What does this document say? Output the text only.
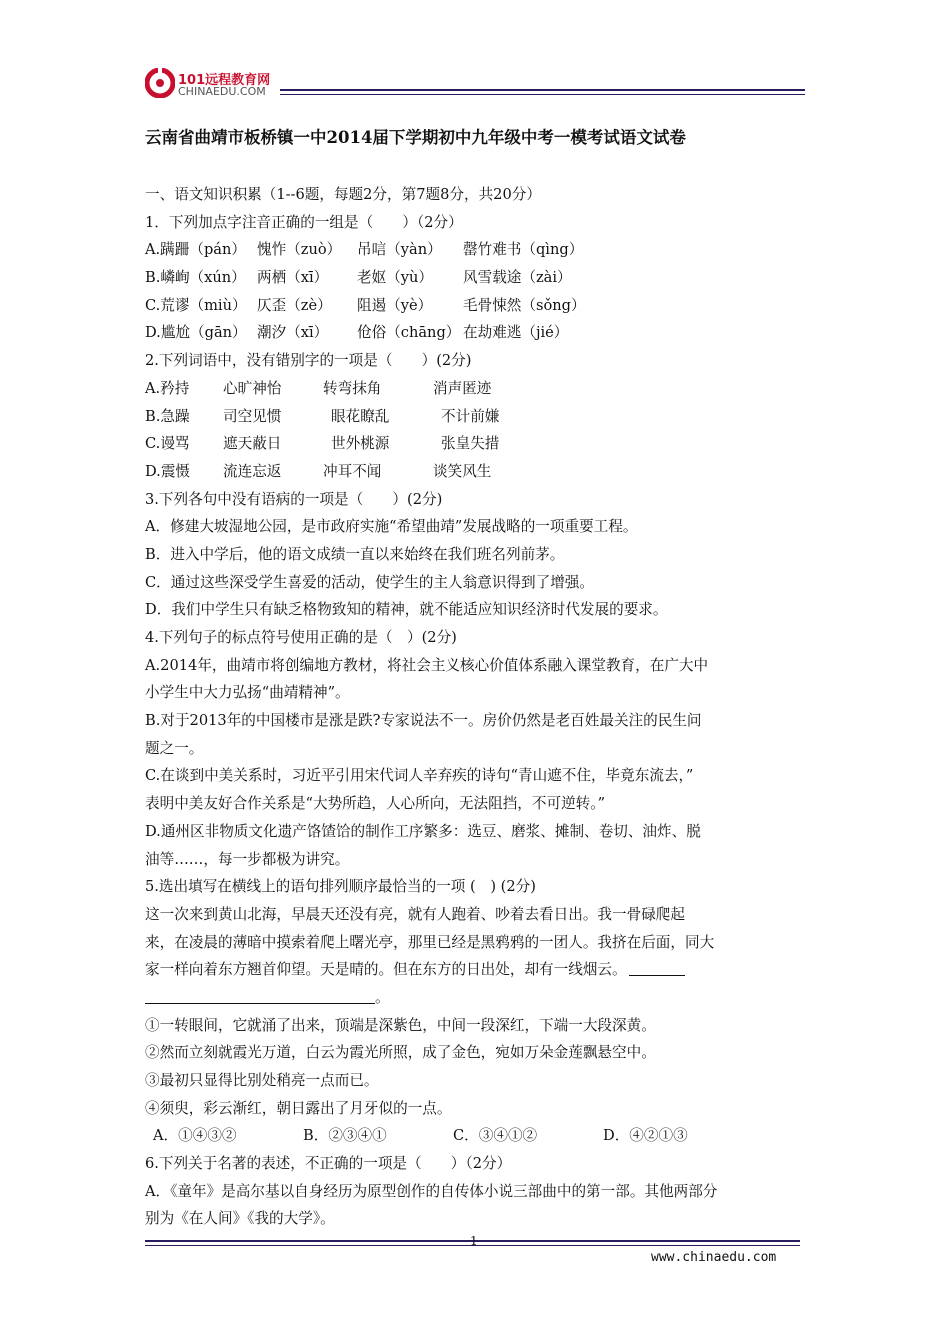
101远程教育网
CHINAEDU.COM
云南省曲靖市板桥镇一中2014届下学期初中九年级中考一模考试语文试卷
一、语文知识积累（1--6题，每题2分，第7题8分，共20分）
1．下列加点字注音正确的一组是（　　）（2分）
A.蹒跚（pán） 愧怍（zuò） 吊唁（yàn） 罄竹难书（qìng）
B.嶙峋（xún） 两栖（xī） 老妪（yù） 风雪载途（zài）
C.荒谬（miù） 仄歪（zè） 阻遏（yè） 毛骨悚然（sǒng）
D.尴尬（gān） 潮汐（xī） 伧俗（chāng） 在劫难逃（jié）
2.下列词语中，没有错别字的一项是（　　）(2分)
A.矜持 心旷神怡	转弯抹角	消声匿迹
B.急躁 司空见惯	眼花瞭乱	不计前嫌
C.谩骂 遮天蔽日	世外桃源	张皇失措
D.震慑 流连忘返	冲耳不闻	谈笑风生
3.下列各句中没有语病的一项是（　　）(2分)
A．修建大坡湿地公园，是市政府实施“希望曲靖”发展战略的一项重要工程。
B．进入中学后，他的语文成绩一直以来始终在我们班名列前茅。
C．通过这些深受学生喜爱的活动，使学生的主人翁意识得到了增强。
D．我们中学生只有缺乏格物致知的精神，就不能适应知识经济时代发展的要求。
4.下列句子的标点符号使用正确的是（　）(2分)
A.2014年，曲靖市将创编地方教材，将社会主义核心价值体系融入课堂教育，在广大中
小学生中大力弘扬“曲靖精神”。
B.对于2013年的中国楼市是涨是跌?专家说法不一。房价仍然是老百姓最关注的民生问
题之一。
C.在谈到中美关系时，习近平引用宋代词人辛弃疾的诗句“青山遮不住，毕竟东流去，”
表明中美友好合作关系是“大势所趋，人心所向，无法阻挡，不可逆转。”
D.通州区非物质文化遗产饹馇饸的制作工序繁多：选豆、磨浆、摊制、卷切、油炸、脱
油等……，每一步都极为讲究。
5.选出填写在横线上的语句排列顺序最恰当的一项 (　) (2分)
这一次来到黄山北海，早晨天还没有亮，就有人跑着、吵着去看日出。我一骨碌爬起
来，在凌晨的薄暗中摸索着爬上曙光亭，那里已经是黑鸦鸦的一团人。我挤在后面，同大
家一样向着东方翘首仰望。天是晴的。但在东方的日出处，却有一线烟云。
。
①一转眼间，它就涌了出来，顶端是深紫色，中间一段深红，下端一大段深黄。
②然而立刻就霞光万道，白云为霞光所照，成了金色，宛如万朵金莲飘悬空中。
③最初只显得比别处稍亮一点而已。
④须臾，彩云渐红，朝日露出了月牙似的一点。
A．①④③②	B．②③④①	C．③④①②	D．④②①③
6.下列关于名著的表述，不正确的一项是（　　）（2分）
A．《童年》是高尔基以自身经历为原型创作的自传体小说三部曲中的第一部。其他两部分
别为《在人间》《我的大学》。
1
www.chinaedu.com
